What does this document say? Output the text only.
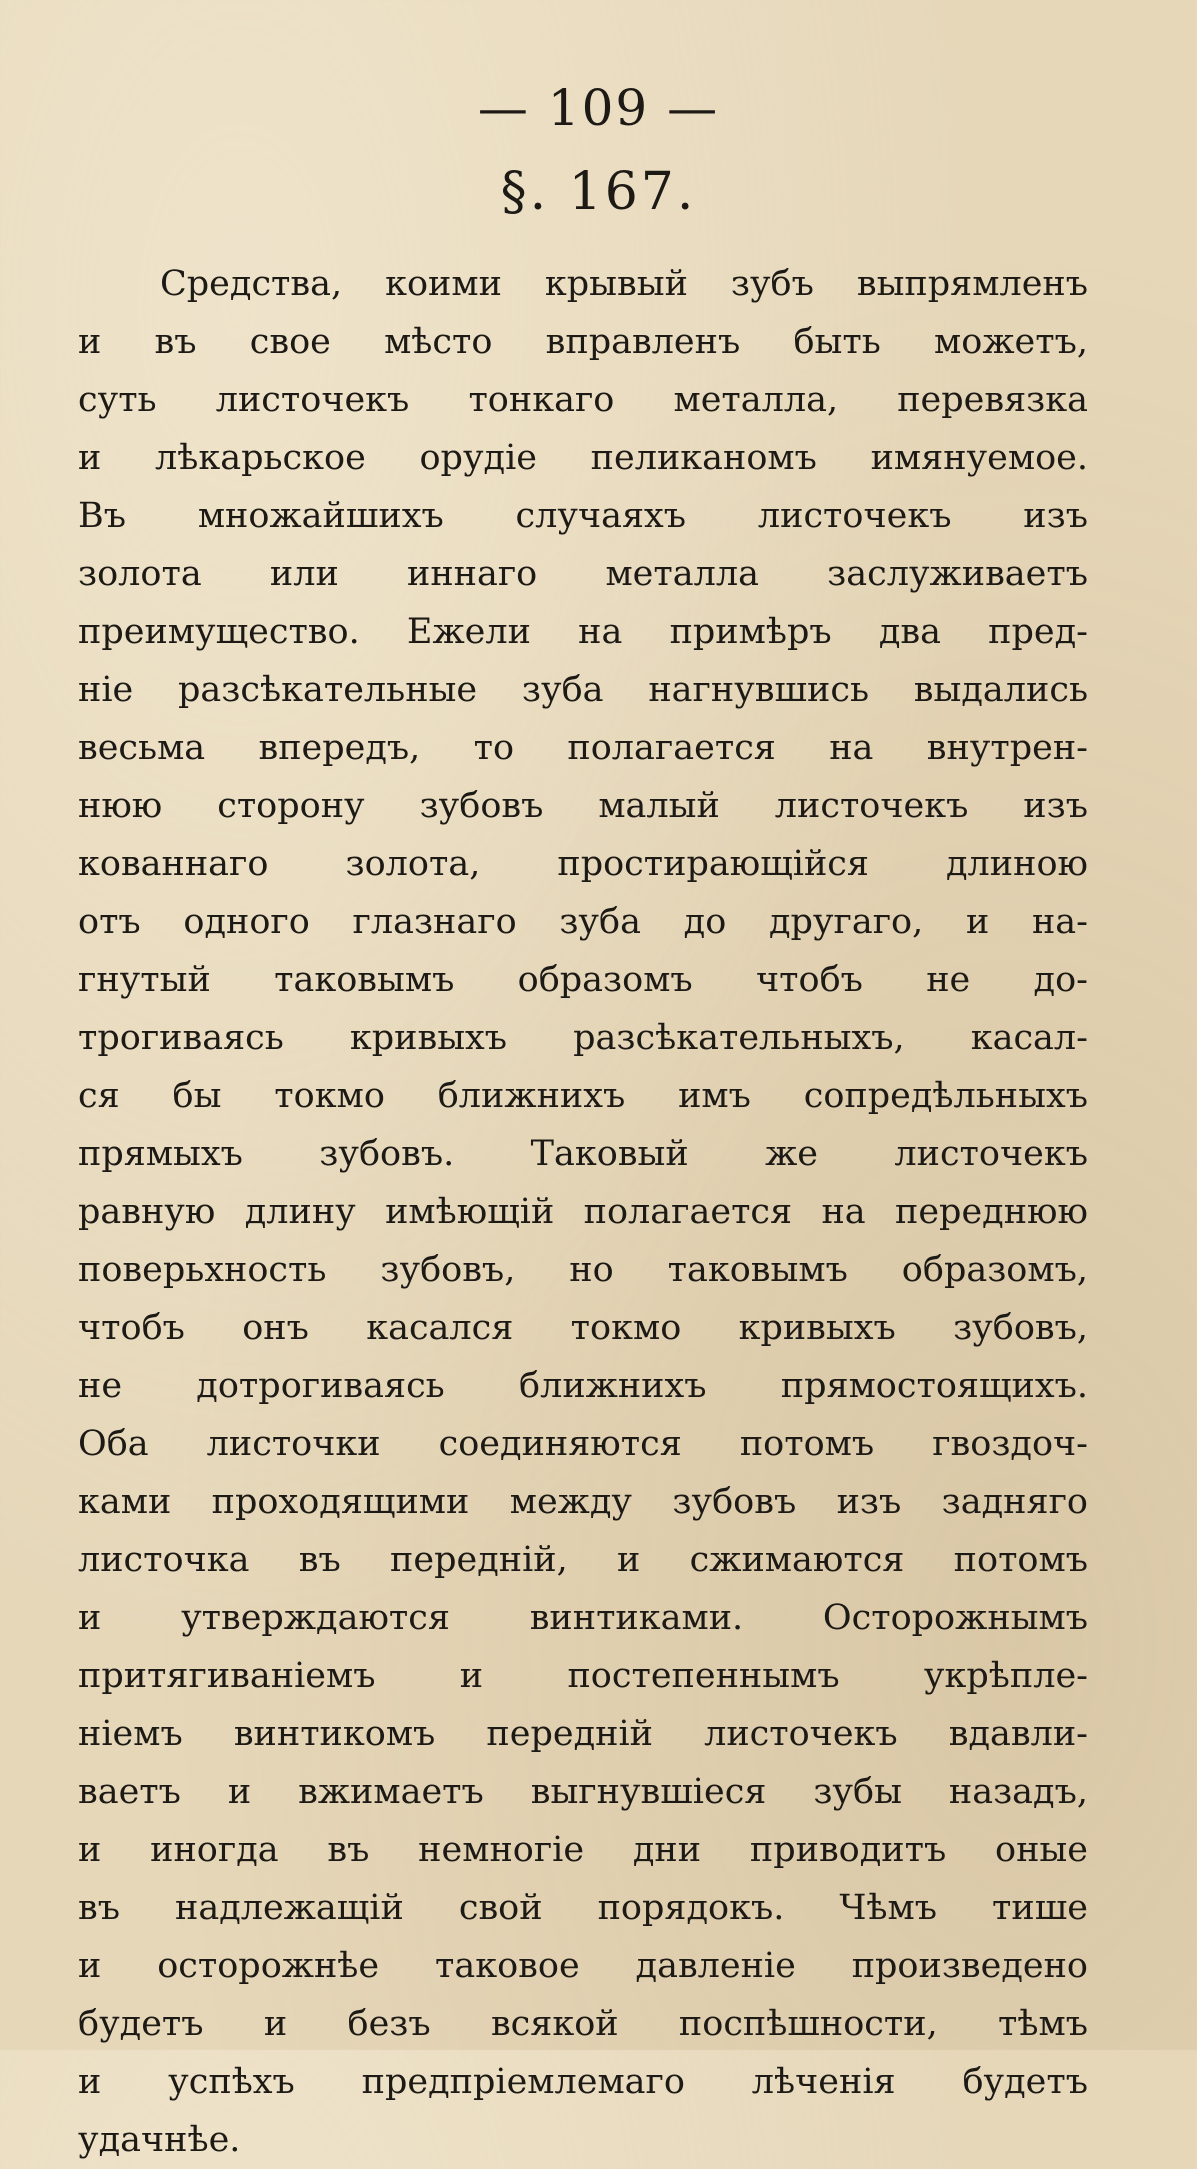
— 109 —
§. 167.
Средства, коими крывый зубъ выпрямленъ
и въ свое мѣсто вправленъ быть можетъ,
суть листочекъ тонкаго металла, перевязка
и лѣкарьское орудіе пеликаномъ имянуемое.
Въ множайшихъ случаяхъ листочекъ изъ
золота или иннаго металла заслуживаетъ
преимущество. Ежели на примѣръ два пред-
ніе разсѣкательные зуба нагнувшись выдались
весьма впередъ, то полагается на внутрен-
нюю сторону зубовъ малый листочекъ изъ
кованнаго золота, простирающійся длиною
отъ одного глазнаго зуба до другаго, и на-
гнутый таковымъ образомъ чтобъ не до-
трогиваясь кривыхъ разсѣкательныхъ, касал-
ся бы токмо ближнихъ имъ сопредѣльныхъ
прямыхъ зубовъ. Таковый же листочекъ
равную длину имѣющій полагается на переднюю
поверьхность зубовъ, но таковымъ образомъ,
чтобъ онъ касался токмо кривыхъ зубовъ,
не дотрогиваясь ближнихъ прямостоящихъ.
Оба листочки соединяются потомъ гвоздоч-
ками проходящими между зубовъ изъ задняго
листочка въ передній, и сжимаются потомъ
и утверждаются винтиками. Осторожнымъ
притягиваніемъ и постепеннымъ укрѣпле-
ніемъ винтикомъ передній листочекъ вдавли-
ваетъ и вжимаетъ выгнувшіеся зубы назадъ,
и иногда въ немногіе дни приводитъ оные
въ надлежащій свой порядокъ. Чѣмъ тише
и осторожнѣе таковое давленіе произведено
будетъ и безъ всякой поспѣшности, тѣмъ
и успѣхъ предпріемлемаго лѣченія будетъ
удачнѣе.
